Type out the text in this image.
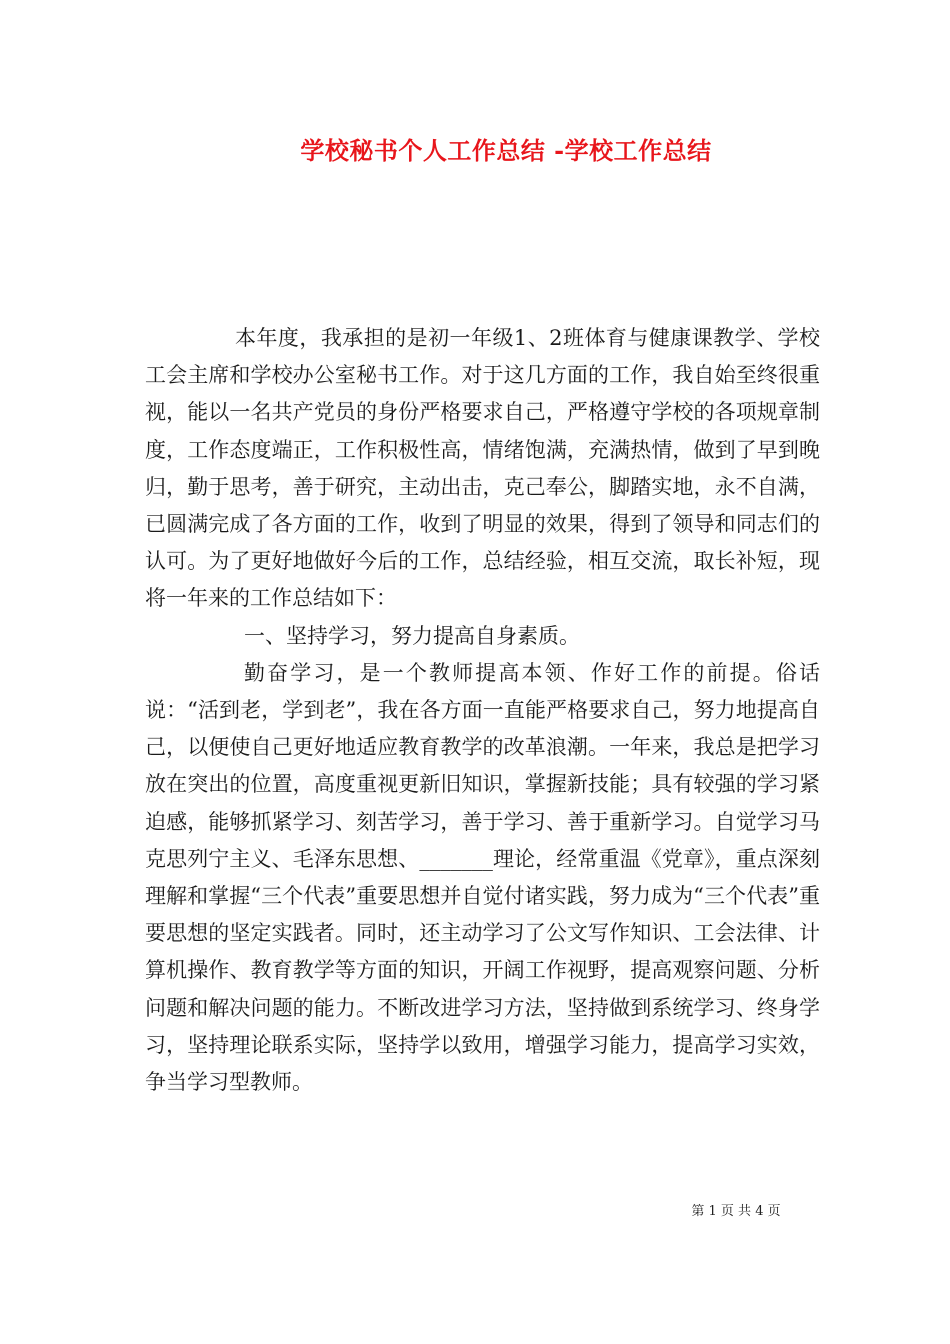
学校秘书个人工作总结 -学校工作总结

本年度，我承担的是初一年级1、2班体育与健康课教学、学校工会主席和学校办公室秘书工作。对于这几方面的工作，我自始至终很重视，能以一名共产党员的身份严格要求自己，严格遵守学校的各项规章制度，工作态度端正，工作积极性高，情绪饱满，充满热情，做到了早到晚归，勤于思考，善于研究，主动出击，克己奉公，脚踏实地，永不自满，已圆满完成了各方面的工作，收到了明显的效果，得到了领导和同志们的认可。为了更好地做好今后的工作，总结经验，相互交流，取长补短，现将一年来的工作总结如下：

一、坚持学习，努力提高自身素质。

勤奋学习，是一个教师提高本领、作好工作的前提。俗话说：“活到老，学到老”，我在各方面一直能严格要求自己，努力地提高自己，以便使自己更好地适应教育教学的改革浪潮。一年来，我总是把学习放在突出的位置，高度重视更新旧知识，掌握新技能；具有较强的学习紧迫感，能够抓紧学习、刻苦学习，善于学习、善于重新学习。自觉学习马克思列宁主义、毛泽东思想、_______理论，经常重温《党章》，重点深刻理解和掌握“三个代表”重要思想并自觉付诸实践，努力成为“三个代表”重要思想的坚定实践者。同时，还主动学习了公文写作知识、工会法律、计算机操作、教育教学等方面的知识，开阔工作视野，提高观察问题、分析问题和解决问题的能力。不断改进学习方法，坚持做到系统学习、终身学习，坚持理论联系实际，坚持学以致用，增强学习能力，提高学习实效，争当学习型教师。

第 1 页 共 4 页
